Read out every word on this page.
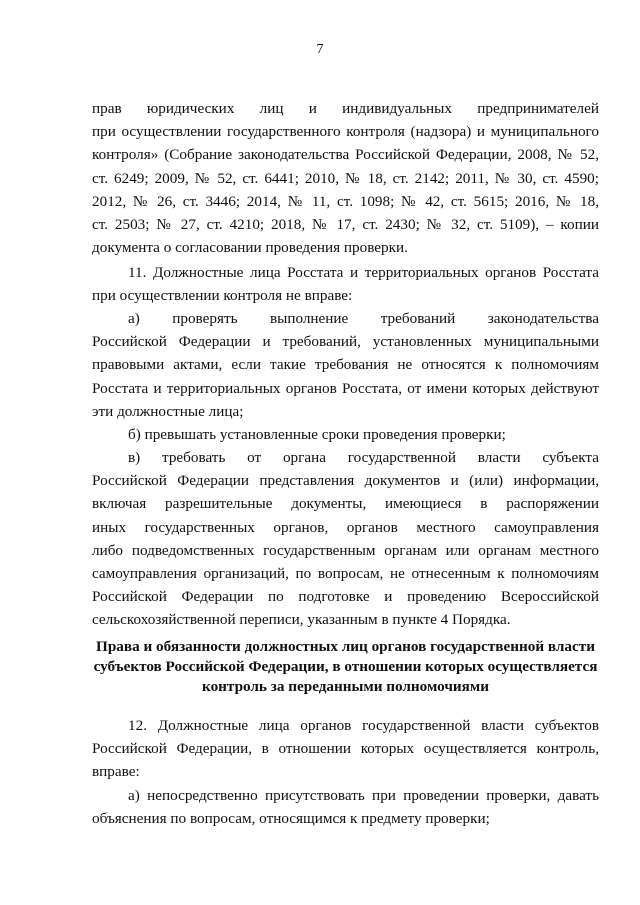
7
прав юридических лиц и индивидуальных предпринимателей
при осуществлении государственного контроля (надзора) и муниципального
контроля» (Собрание законодательства Российской Федерации, 2008, № 52,
ст. 6249; 2009, № 52, ст. 6441; 2010, № 18, ст. 2142; 2011, № 30, ст. 4590;
2012, № 26, ст. 3446; 2014, № 11, ст. 1098; № 42, ст. 5615; 2016, № 18,
ст. 2503; № 27, ст. 4210; 2018, № 17, ст. 2430; № 32, ст. 5109), – копии
документа о согласовании проведения проверки.
11. Должностные лица Росстата и территориальных органов Росстата
при осуществлении контроля не вправе:
а) проверять выполнение требований законодательства
Российской Федерации и требований, установленных муниципальными
правовыми актами, если такие требования не относятся к полномочиям
Росстата и территориальных органов Росстата, от имени которых действуют
эти должностные лица;
б) превышать установленные сроки проведения проверки;
в) требовать от органа государственной власти субъекта
Российской Федерации представления документов и (или) информации,
включая разрешительные документы, имеющиеся в распоряжении
иных государственных органов, органов местного самоуправления
либо подведомственных государственным органам или органам местного
самоуправления организаций, по вопросам, не отнесенным к полномочиям
Российской Федерации по подготовке и проведению Всероссийской
сельскохозяйственной переписи, указанным в пункте 4 Порядка.
Права и обязанности должностных лиц органов государственной власти
субъектов Российской Федерации, в отношении которых осуществляется
контроль за переданными полномочиями
12. Должностные лица органов государственной власти субъектов
Российской Федерации, в отношении которых осуществляется контроль,
вправе:
а) непосредственно присутствовать при проведении проверки, давать
объяснения по вопросам, относящимся к предмету проверки;
